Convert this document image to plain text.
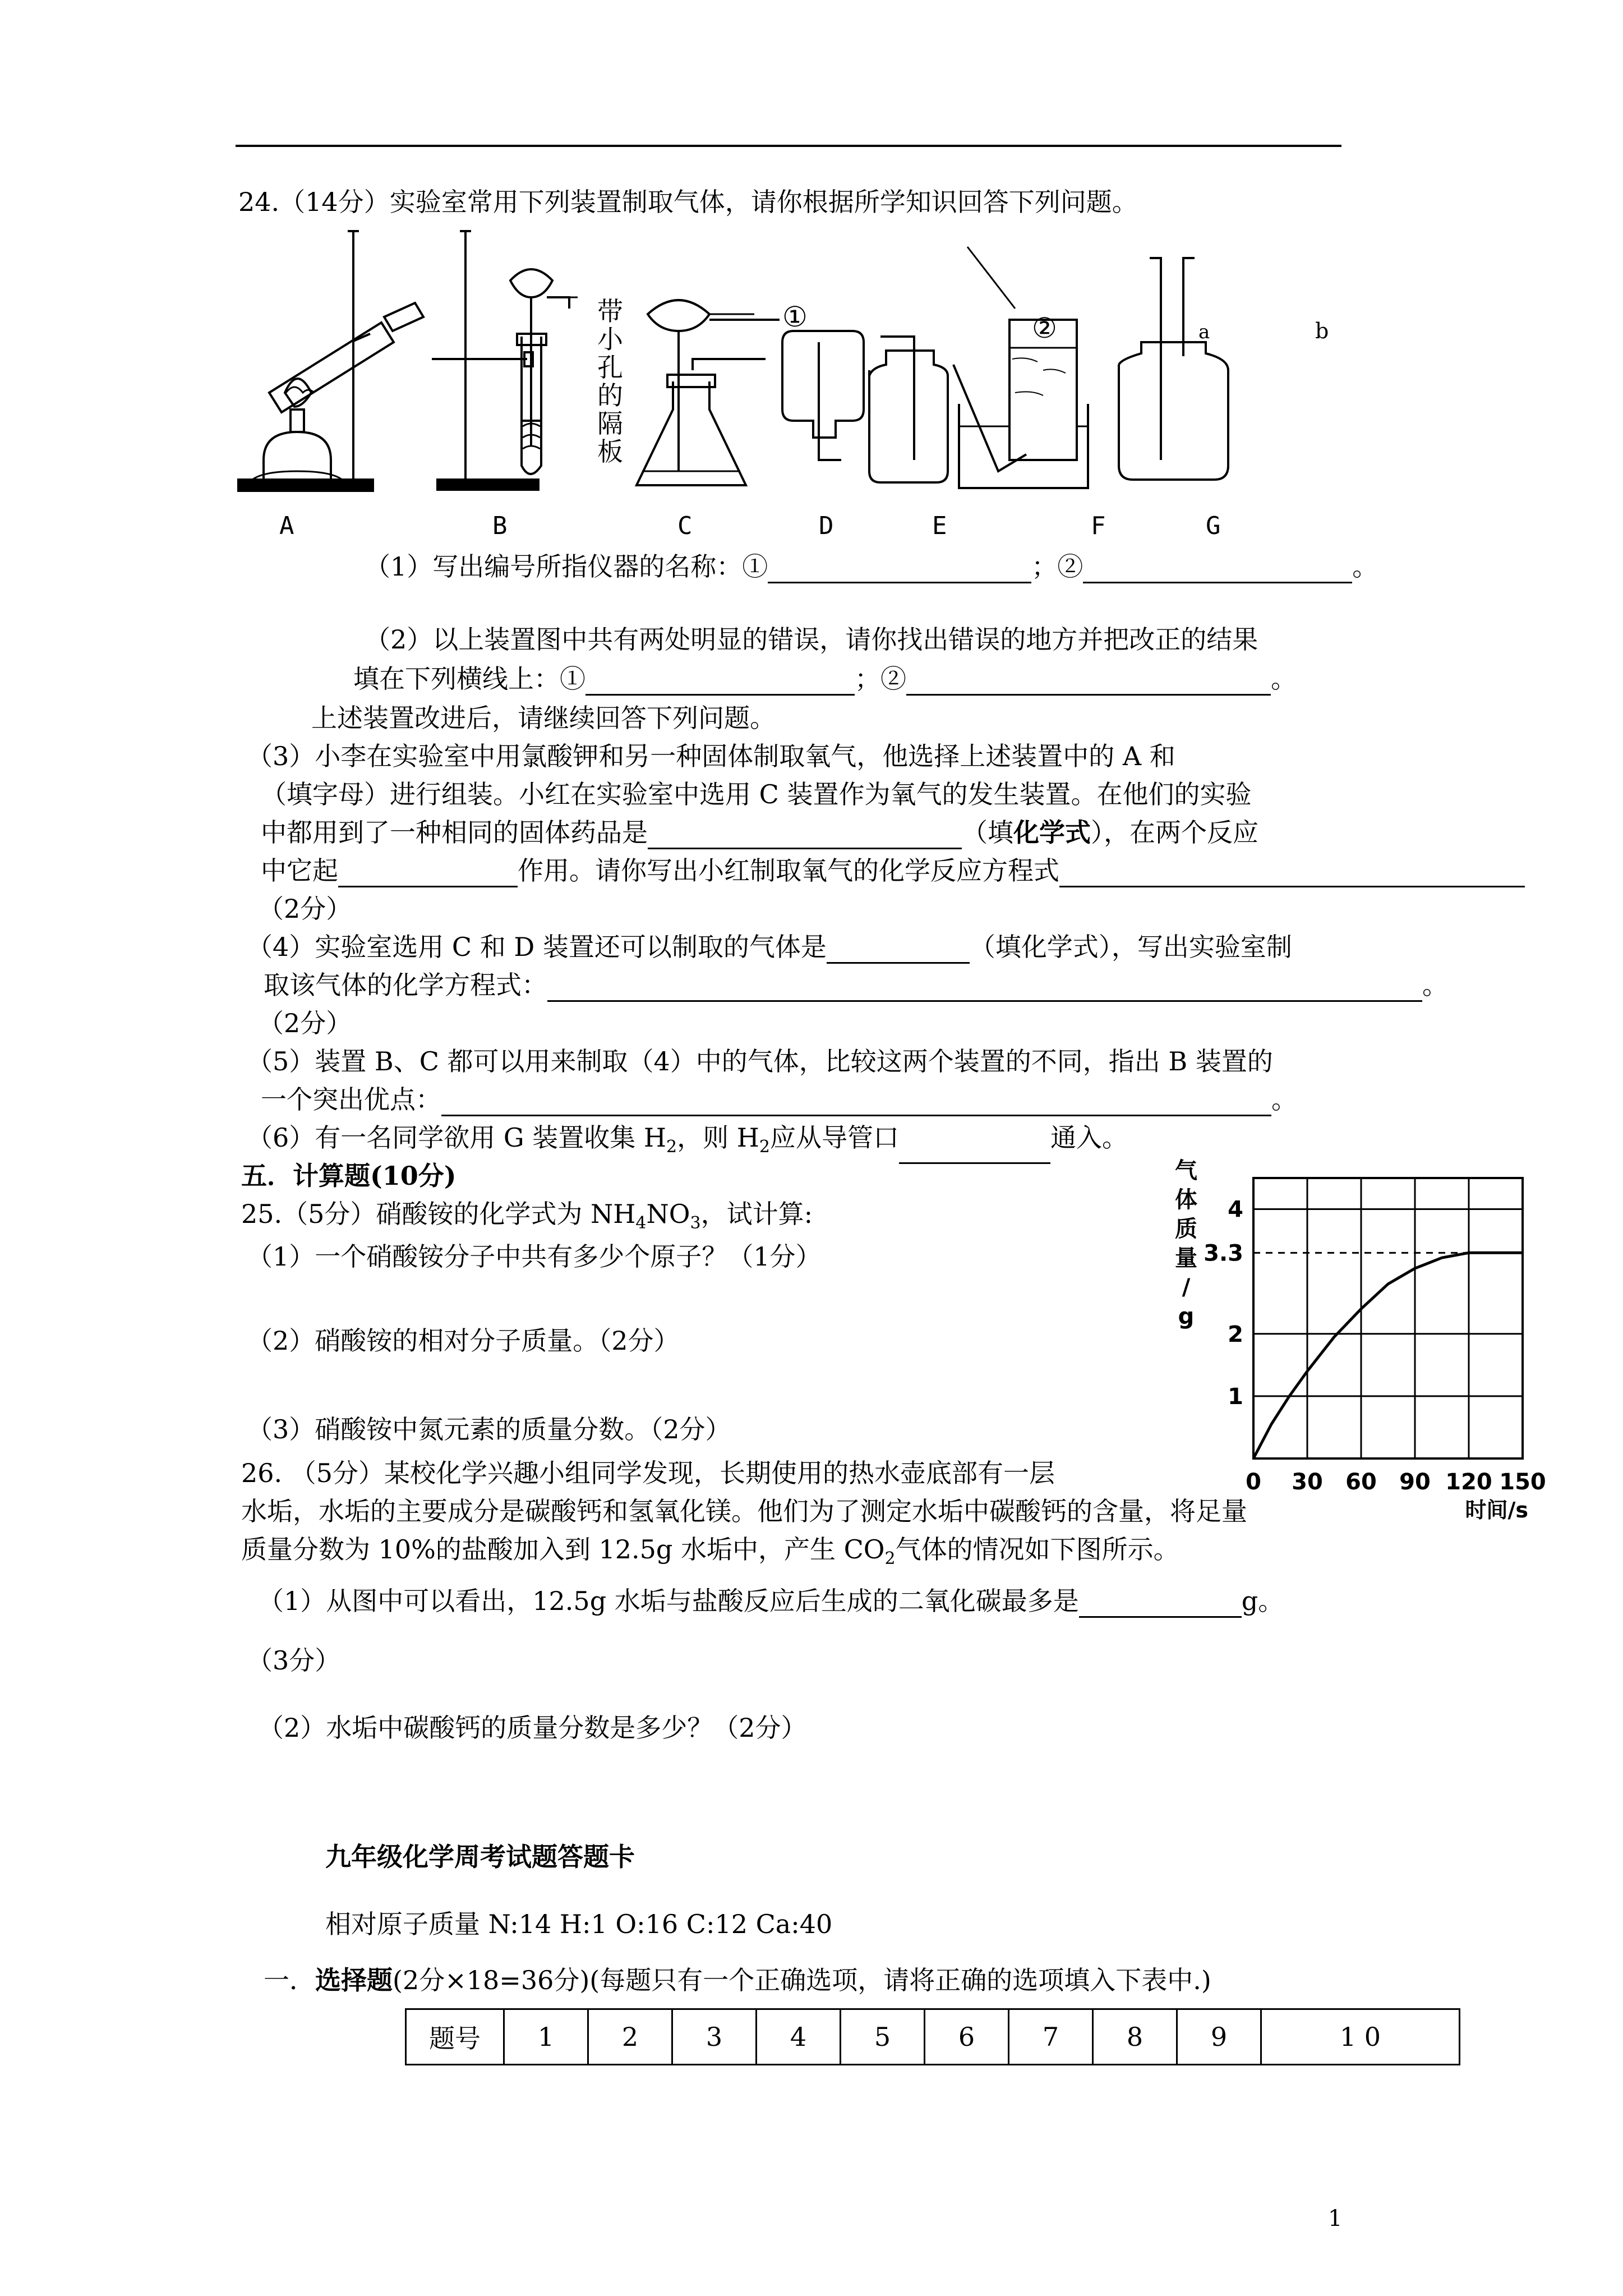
24.（14分）实验室常用下列装置制取气体，请你根据所学知识回答下列问题。
①	②
带小孔的隔板
a	b
A	B	C	D	E	F	G
（1）写出编号所指仪器的名称：①	；②	。
（2）以上装置图中共有两处明显的错误，请你找出错误的地方并把改正的结果
填在下列横线上：①	；②	。
上述装置改进后，请继续回答下列问题。
（3）小李在实验室中用氯酸钾和另一种固体制取氧气，他选择上述装置中的 A 和
（填字母）进行组装。小红在实验室中选用 C 装置作为氧气的发生装置。在他们的实验
中都用到了一种相同的固体药品是	（填化学式），在两个反应
中它起	作用。请你写出小红制取氧气的化学反应方程式
（2分）
（4）实验室选用 C 和 D 装置还可以制取的气体是	（填化学式），写出实验室制
取该气体的化学方程式：	。
（2分）
（5）装置 B、C 都可以用来制取（4）中的气体，比较这两个装置的不同，指出 B 装置的
一个突出优点：	。
（6）有一名同学欲用 G 装置收集 $H_2$，则 $H_2$应从导管口	通入。
五．计算题(10分)
25.（5分）硝酸铵的化学式为 $NH_4NO_3$，试计算:
（1）一个硝酸铵分子中共有多少个原子？（1分）
（2）硝酸铵的相对分子质量。（2分）
（3）硝酸铵中氮元素的质量分数。（2分）
0 30 60 90 120 150
1
2
3.3
4
气
体
质
量
/
g
时间/s
26. （5分）某校化学兴趣小组同学发现，长期使用的热水壶底部有一层
水垢，水垢的主要成分是碳酸钙和氢氧化镁。他们为了测定水垢中碳酸钙的含量，将足量
质量分数为 10%的盐酸加入到 12.5g 水垢中，产生 $CO_2$气体的情况如下图所示。
（1）从图中可以看出，12.5g 水垢与盐酸反应后生成的二氧化碳最多是	g。
（3分）
（2）水垢中碳酸钙的质量分数是多少？（2分）
九年级化学周考试题答题卡
相对原子质量 N:14 H:1 O:16 C:12 Ca:40
一．选择题(2分×18=36分)(每题只有一个正确选项，请将正确的选项填入下表中.)
题号	1	2	3	4	5	6	7	8	9	1 0
1
